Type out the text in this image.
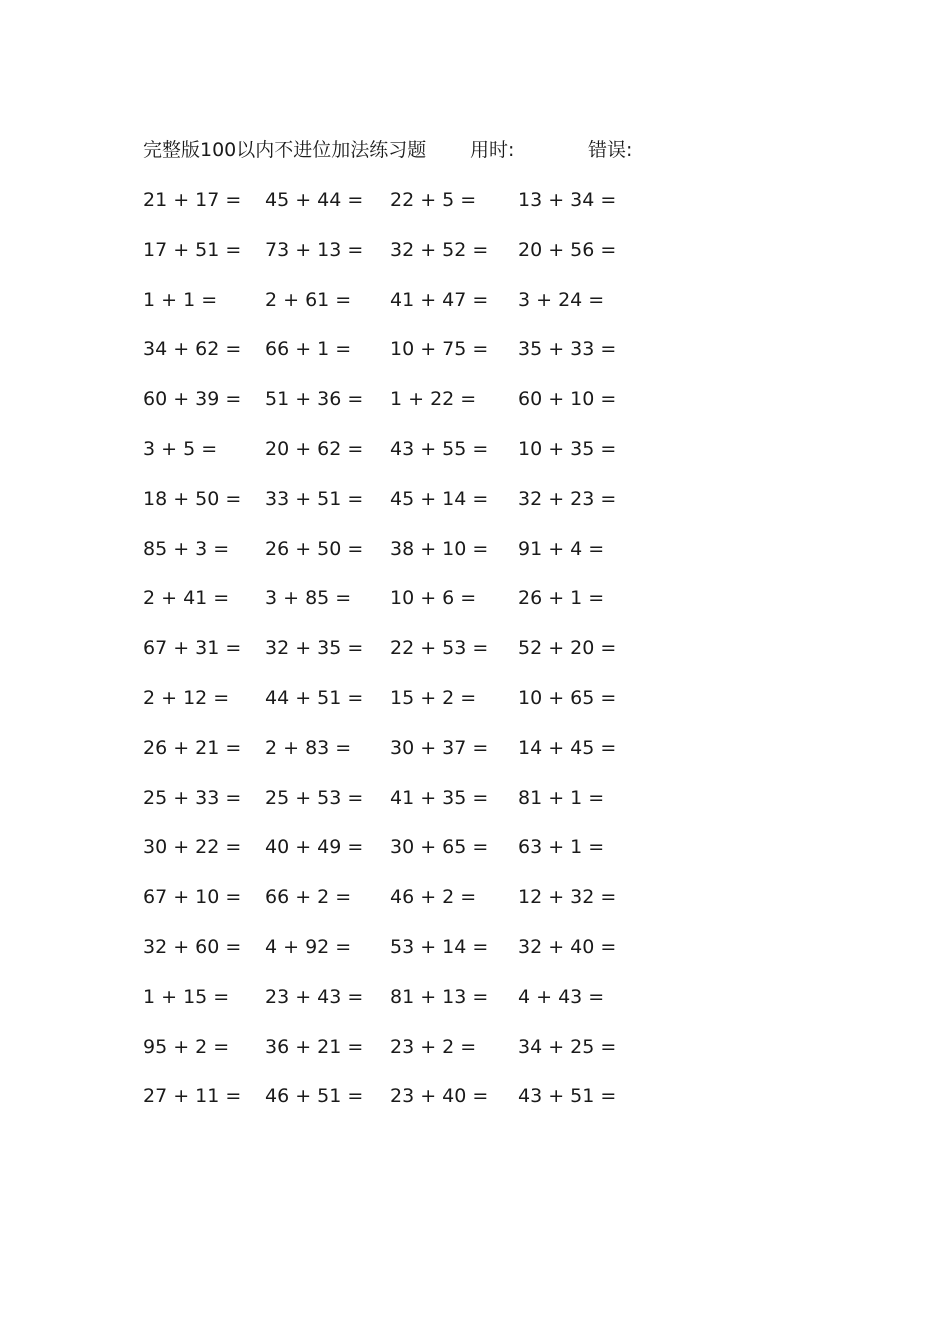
完整版100以内不进位加法练习题 用时:	错误:
21 + 17 = 45 + 44 = 22 + 5 = 13 + 34 =
17 + 51 = 73 + 13 = 32 + 52 = 20 + 56 =
1 + 1 =	2 + 61 = 41 + 47 = 3 + 24 =
34 + 62 = 66 + 1 = 10 + 75 = 35 + 33 =
60 + 39 = 51 + 36 = 1 + 22 = 60 + 10 =
3 + 5 =	20 + 62 = 43 + 55 = 10 + 35 =
18 + 50 = 33 + 51 = 45 + 14 = 32 + 23 =
85 + 3 = 26 + 50 = 38 + 10 = 91 + 4 =
2 + 41 = 3 + 85 = 10 + 6 = 26 + 1 =
67 + 31 = 32 + 35 = 22 + 53 = 52 + 20 =
2 + 12 = 44 + 51 = 15 + 2 = 10 + 65 =
26 + 21 = 2 + 83 = 30 + 37 = 14 + 45 =
25 + 33 = 25 + 53 = 41 + 35 = 81 + 1 =
30 + 22 = 40 + 49 = 30 + 65 = 63 + 1 =
67 + 10 = 66 + 2 = 46 + 2 = 12 + 32 =
32 + 60 = 4 + 92 = 53 + 14 = 32 + 40 =
1 + 15 = 23 + 43 = 81 + 13 = 4 + 43 =
95 + 2 = 36 + 21 = 23 + 2 = 34 + 25 =
27 + 11 = 46 + 51 = 23 + 40 = 43 + 51 =
